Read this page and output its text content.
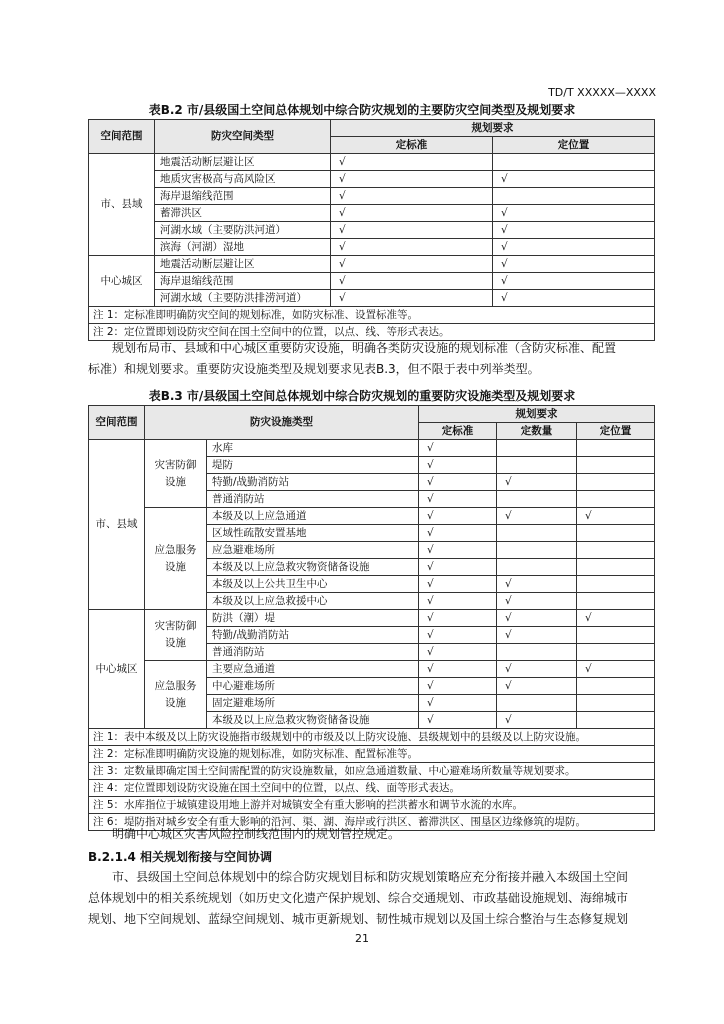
TD/T XXXXX—XXXX
表B.2 市/县级国土空间总体规划中综合防灾规划的主要防灾空间类型及规划要求
空间范围	防灾空间类型	规划要求	
		定标准	定位置
市、县域	地震活动断层避让区	√	
	地质灾害极高与高风险区	√	√
	海岸退缩线范围	√	
	蓄滞洪区	√	√
	河湖水域（主要防洪河道）	√	√
	滨海（河湖）湿地	√	√
中心城区	地震活动断层避让区	√	√
	海岸退缩线范围	√	√
	河湖水域（主要防洪排涝河道）	√	√
注 1：定标准即明确防灾空间的规划标准，如防灾标准、设置标准等。			
注 2：定位置即划设防灾空间在国土空间中的位置，以点、线、等形式表达。			

规划布局市、县域和中心城区重要防灾设施，明确各类防灾设施的规划标准（含防灾标准、配置

标准）和规划要求。重要防灾设施类型及规划要求见表B.3，但不限于表中列举类型。
表B.3 市/县级国土空间总体规划中综合防灾规划的重要防灾设施类型及规划要求
空间范围	防灾设施类型		规划要求		
			定标准	定数量	定位置
市、县域	灾害防御设施	水库	√		
		堤防	√		
		特勤/战勤消防站	√	√	
		普通消防站	√		
	应急服务设施	本级及以上应急通道	√	√	√
		区域性疏散安置基地	√		
		应急避难场所	√		
		本级及以上应急救灾物资储备设施	√		
		本级及以上公共卫生中心	√	√	
		本级及以上应急救援中心	√	√	
中心城区	灾害防御设施	防洪（潮）堤	√	√	√
		特勤/战勤消防站	√	√	
		普通消防站	√		
	应急服务设施	主要应急通道	√	√	√
		中心避难场所	√	√	
		固定避难场所	√		
		本级及以上应急救灾物资储备设施	√	√	
注 1：表中本级及以上防灾设施指市级规划中的市级及以上防灾设施、县级规划中的县级及以上防灾设施。					
注 2：定标准即明确防灾设施的规划标准，如防灾标准、配置标准等。					
注 3：定数量即确定国土空间需配置的防灾设施数量，如应急通道数量、中心避难场所数量等规划要求。					
注 4：定位置即划设防灾设施在国土空间中的位置，以点、线、面等形式表达。					
注 5：水库指位于城镇建设用地上游并对城镇安全有重大影响的拦洪蓄水和调节水流的水库。					
注 6：堤防指对城乡安全有重大影响的沿河、渠、湖、海岸或行洪区、蓄滞洪区、围垦区边缘修筑的堤防。					

明确中心城区灾害风险控制线范围内的规划管控规定。

B.2.1.4 相关规划衔接与空间协调

市、县级国土空间总体规划中的综合防灾规划目标和防灾规划策略应充分衔接并融入本级国土空间

总体规划中的相关系统规划（如历史文化遗产保护规划、综合交通规划、市政基础设施规划、海绵城市
规划、地下空间规划、蓝绿空间规划、城市更新规划、韧性城市规划以及国土综合整治与生态修复规划
21
